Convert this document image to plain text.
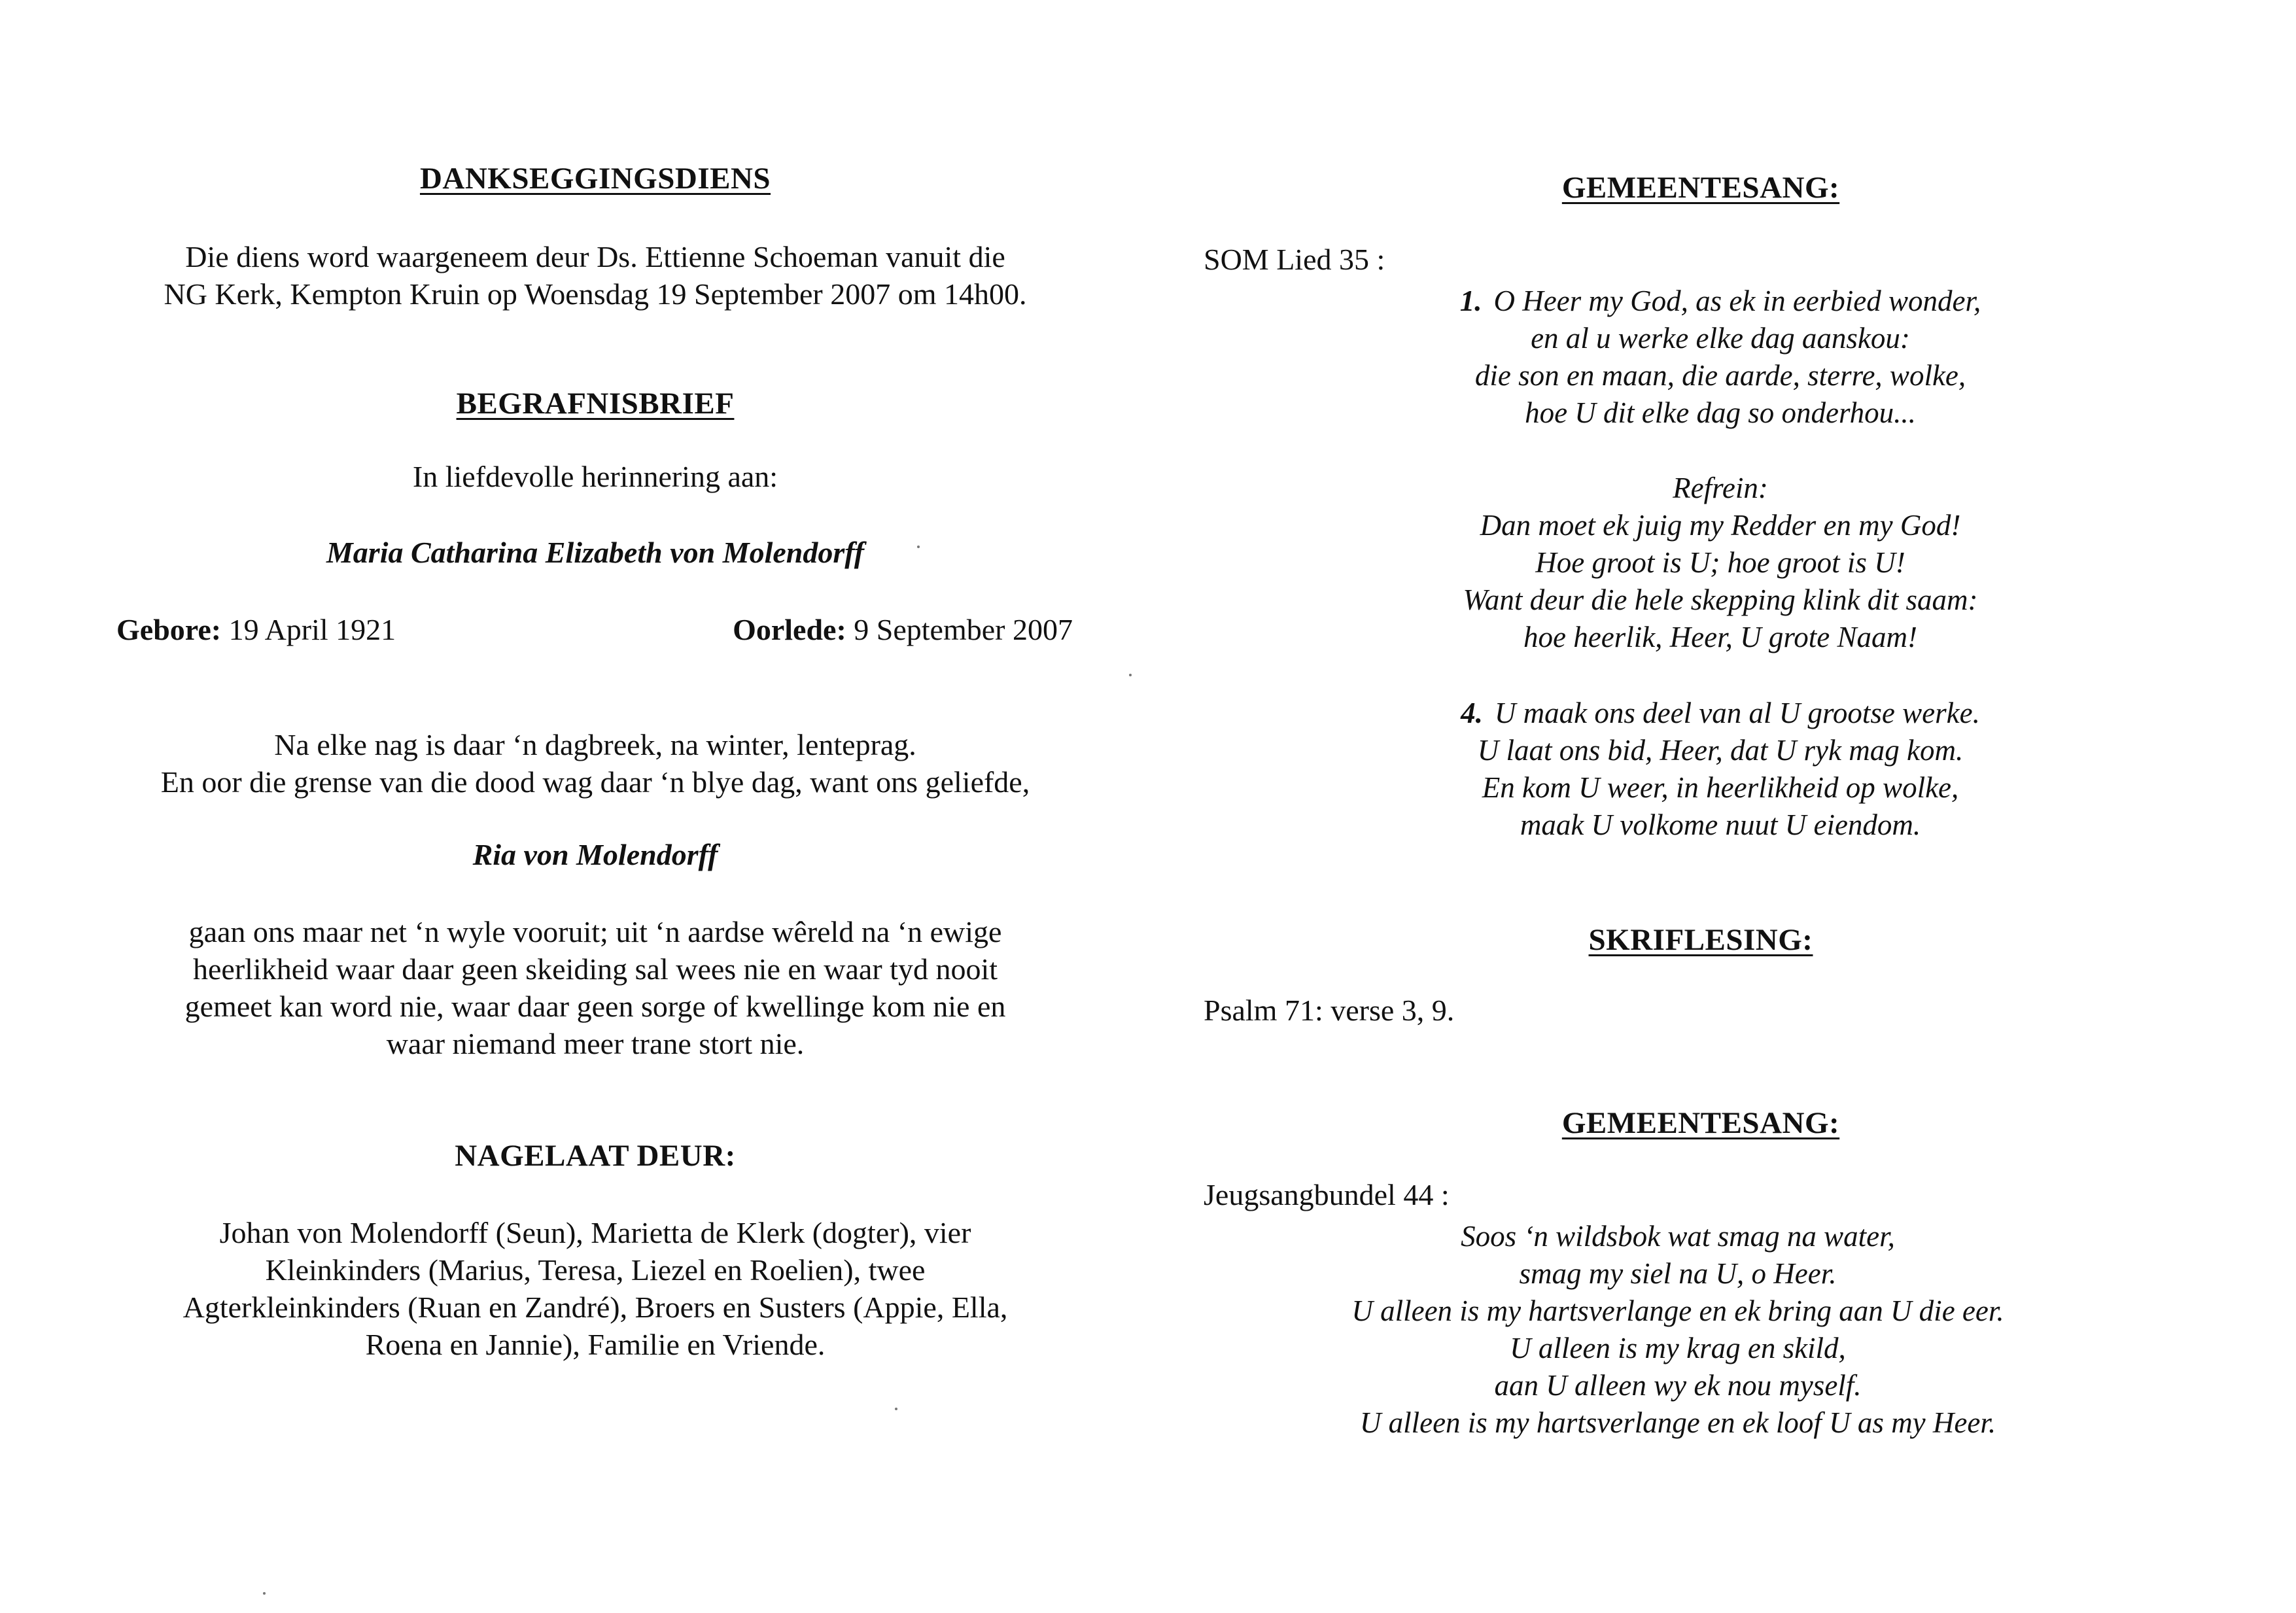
DANKSEGGINGSDIENS
Die diens word waargeneem deur Ds. Ettienne Schoeman vanuit die
NG Kerk, Kempton Kruin op Woensdag 19 September 2007 om 14h00.
BEGRAFNISBRIEF
In liefdevolle herinnering aan:
Maria Catharina Elizabeth von Molendorff
Gebore: 19 April 1921	Oorlede: 9 September 2007
Na elke nag is daar ‘n dagbreek, na winter, lenteprag.
En oor die grense van die dood wag daar ‘n blye dag, want ons geliefde,
Ria von Molendorff
gaan ons maar net ‘n wyle vooruit; uit ‘n aardse wêreld na ‘n ewige
heerlikheid waar daar geen skeiding sal wees nie en waar tyd nooit
gemeet kan word nie, waar daar geen sorge of kwellinge kom nie en
waar niemand meer trane stort nie.
NAGELAAT DEUR:
Johan von Molendorff (Seun), Marietta de Klerk (dogter), vier
Kleinkinders (Marius, Teresa, Liezel en Roelien), twee
Agterkleinkinders (Ruan en Zandré), Broers en Susters (Appie, Ella,
Roena en Jannie), Familie en Vriende.
GEMEENTESANG:
SOM Lied 35 :
1. O Heer my God, as ek in eerbied wonder,
en al u werke elke dag aanskou:
die son en maan, die aarde, sterre, wolke,
hoe U dit elke dag so onderhou...
Refrein:
Dan moet ek juig my Redder en my God!
Hoe groot is U; hoe groot is U!
Want deur die hele skepping klink dit saam:
hoe heerlik, Heer, U grote Naam!
4. U maak ons deel van al U grootse werke.
U laat ons bid, Heer, dat U ryk mag kom.
En kom U weer, in heerlikheid op wolke,
maak U volkome nuut U eiendom.
SKRIFLESING:
Psalm 71: verse 3, 9.
GEMEENTESANG:
Jeugsangbundel 44 :
Soos ‘n wildsbok wat smag na water,
smag my siel na U, o Heer.
U alleen is my hartsverlange en ek bring aan U die eer.
U alleen is my krag en skild,
aan U alleen wy ek nou myself.
U alleen is my hartsverlange en ek loof U as my Heer.
